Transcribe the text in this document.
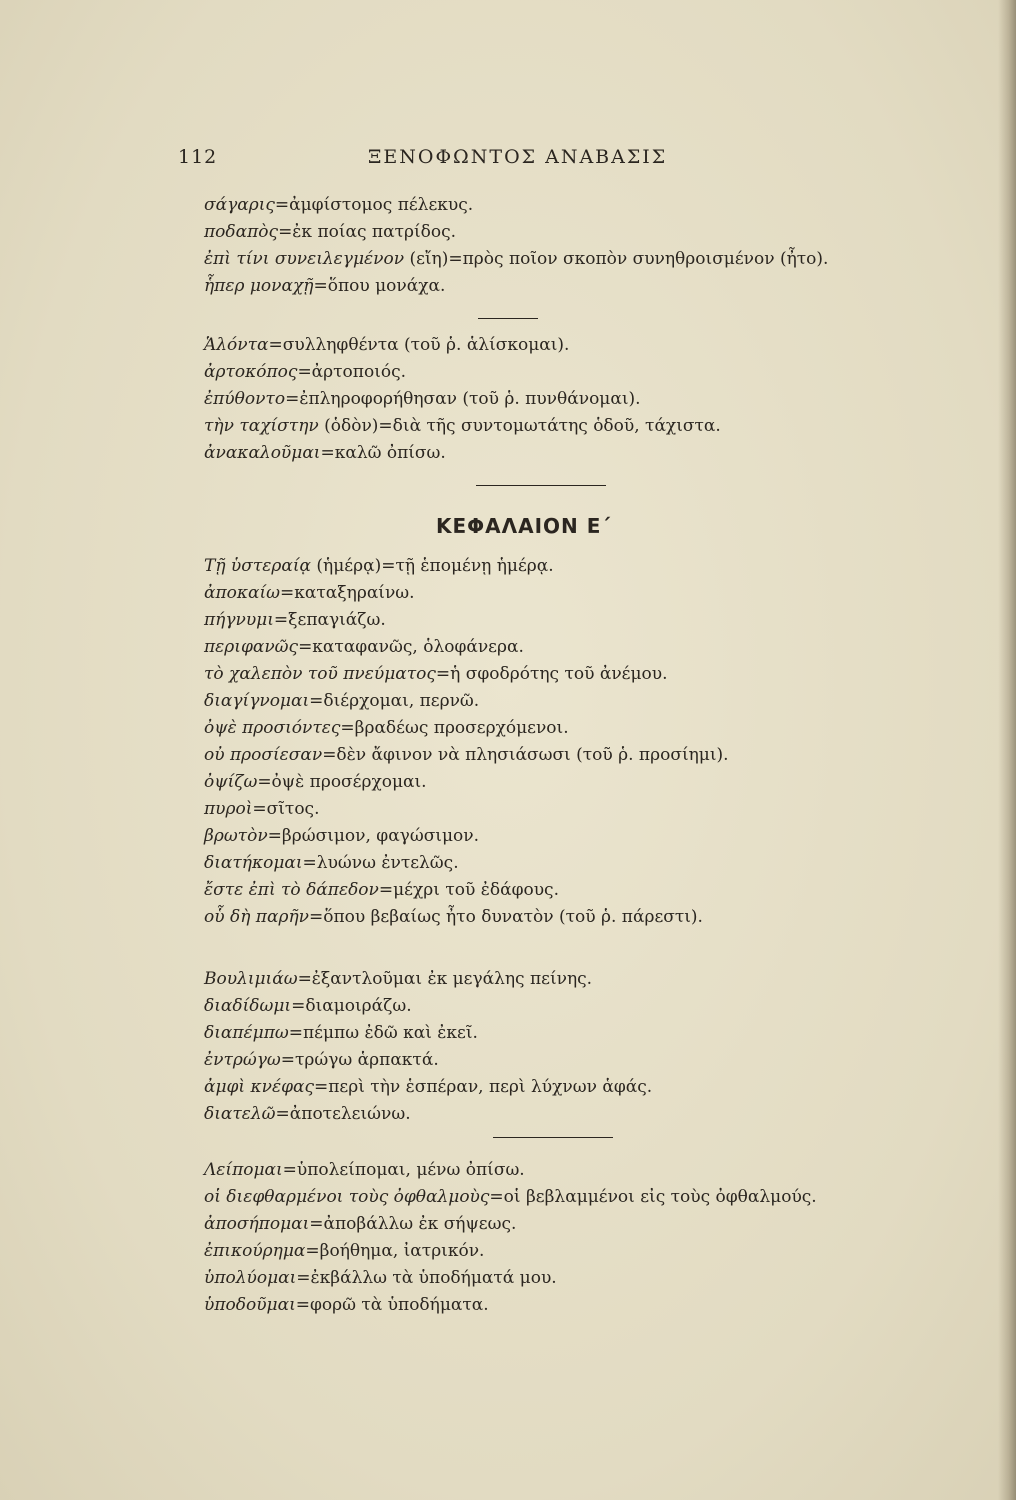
112	ΞΕΝΟΦΩΝΤΟΣ ΑΝΑΒΑΣΙΣ
σάγαρις=ἀμφίστομος πέλεκυς.
ποδαπὸς=ἐκ ποίας πατρίδος.
ἐπὶ τίνι συνειλεγμένον (εἴη)=πρὸς ποῖον σκοπὸν συνηθροισμένον (ἦτο).
ἧπερ μοναχῇ=ὅπου μονάχα.
Ἁλόντα=συλληφθέντα (τοῦ ῥ. ἁλίσκομαι).
ἀρτοκόπος=ἀρτοποιός.
ἐπύθοντο=ἐπληροφορήθησαν (τοῦ ῥ. πυνθάνομαι).
τὴν ταχίστην (ὁδὸν)=διὰ τῆς συντομωτάτης ὁδοῦ, τάχιστα.
ἀνακαλοῦμαι=καλῶ ὀπίσω.
ΚΕΦΑΛΑΙΟΝ Ε΄
Τῇ ὑστεραίᾳ (ἡμέρᾳ)=τῇ ἑπομένῃ ἡμέρᾳ.
ἀποκαίω=καταξηραίνω.
πήγνυμι=ξεπαγιάζω.
περιφανῶς=καταφανῶς, ὁλοφάνερα.
τὸ χαλεπὸν τοῦ πνεύματος=ἡ σφοδρότης τοῦ ἀνέμου.
διαγίγνομαι=διέρχομαι, περνῶ.
ὀψὲ προσιόντες=βραδέως προσερχόμενοι.
οὐ προσίεσαν=δὲν ἄφινον νὰ πλησιάσωσι (τοῦ ῥ. προσίημι).
ὀψίζω=ὀψὲ προσέρχομαι.
πυροὶ=σῖτος.
βρωτὸν=βρώσιμον, φαγώσιμον.
διατήκομαι=λυώνω ἐντελῶς.
ἔστε ἐπὶ τὸ δάπεδον=μέχρι τοῦ ἐδάφους.
οὗ δὴ παρῆν=ὅπου βεβαίως ἦτο δυνατὸν (τοῦ ῥ. πάρεστι).
Βουλιμιάω=ἐξαντλοῦμαι ἐκ μεγάλης πείνης.
διαδίδωμι=διαμοιράζω.
διαπέμπω=πέμπω ἐδῶ καὶ ἐκεῖ.
ἐντρώγω=τρώγω ἁρπακτά.
ἀμφὶ κνέφας=περὶ τὴν ἑσπέραν, περὶ λύχνων ἁφάς.
διατελῶ=ἀποτελειώνω.
Λείπομαι=ὑπολείπομαι, μένω ὀπίσω.
οἱ διεφθαρμένοι τοὺς ὀφθαλμοὺς=οἱ βεβλαμμένοι εἰς τοὺς ὀφθαλμούς.
ἀποσήπομαι=ἀποβάλλω ἐκ σήψεως.
ἐπικούρημα=βοήθημα, ἰατρικόν.
ὑπολύομαι=ἐκβάλλω τὰ ὑποδήματά μου.
ὑποδοῦμαι=φορῶ τὰ ὑποδήματα.
